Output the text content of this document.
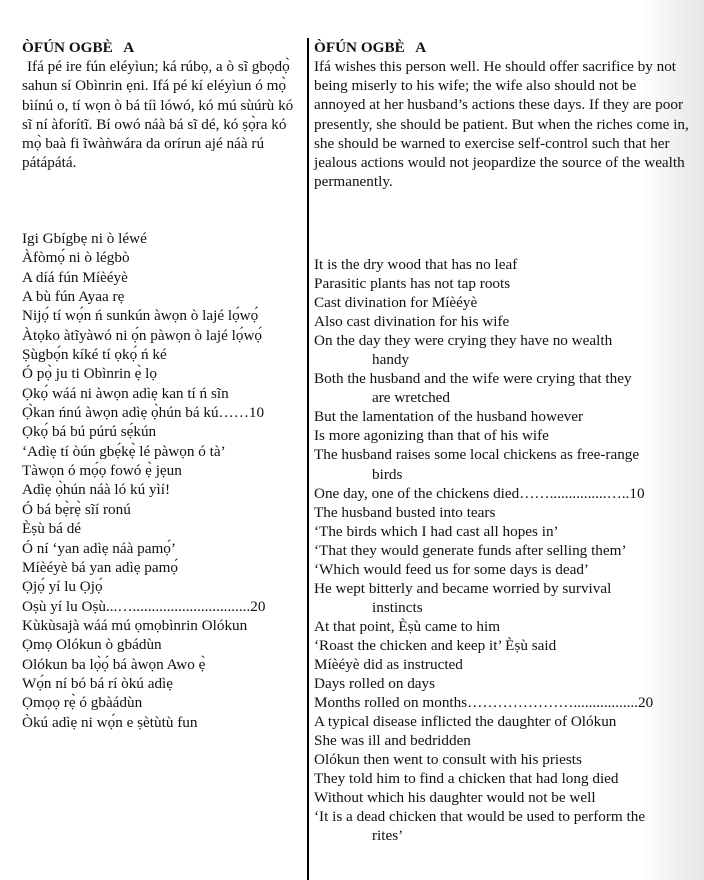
ÒFÚN OGBÈ   A

Ifá pé ire fún eléyìun; ká rúbọ, a ò sĩ gbọdọ̀ sahun sí Obìnrin ẹni. Ifá pé kí eléyìun ó mọ̀ bìínú o, tí wọn ò bá tíì lówó, kó mú sùúrù kó sĩ ní àforítĩ. Bí owó náà bá sĩ dé, kó ṣọ̀ra kó mọ̀ baà fi ĩwàǹwára da orírun ajé náà rú pátápátá.

Igi Gbígbẹ ni ò léwé
Àfòmọ́ ni ò légbò
A díá fún Míèéyè
A bù fún Ayaa rẹ
Nijọ́ tí wọ́n ń sunkún àwọn ò lajé lọ́wọ́
Àtọko àtĩyàwó ni ọ́n pàwọn ò lajé lọ́wọ́
Ṣùgbọ́n kíké tí ọkọ́ ń ké
Ó pọ̀ ju ti Obìnrin ẹ̀ lọ
Ọkọ́ wáá ni àwọn adìẹ kan tí ń sĩn
Ọ̀kan ńnú àwọn adìẹ ọ̀hún bá kú……10
Ọkọ́ bá bú púrú sẹ́kún
‘Adìẹ tí òún gbẹ́kẹ̀ lé pàwọn ó tà’
Tàwọn ó mọ́ọ fowó ẹ̀ jẹun
Adìẹ ọ̀hún náà ló kú yìí!
Ó bá bẹ̀rẹ̀ sĩí ronú
Èṣù bá dé
Ó ní ‘yan adìẹ náà pamọ́’
Míèéyè bá yan adìẹ pamọ́
Ọjọ́ yí lu Ọjọ́
Oṣù yí lu Oṣù...…...............................20
Kùkùsajà wáá mú ọmọbìnrin Olókun
Ọmọ Olókun ò gbádùn
Olókun ba lọ̀ọ́ bá àwọn Awo ẹ̀
Wọ́n ní bó bá rí òkú adìẹ
Ọmọọ rẹ̀ ó gbàádùn
Òkú adìẹ ni wọ́n e ṣètùtù fun
ÒFÚN OGBÈ   A

Ifá wishes this person well. He should offer sacrifice by not being miserly to his wife; the wife also should not be annoyed at her husband’s actions these days. If they are poor presently, she should be patient. But when the riches come in, she should be warned to exercise self-control such that her jealous actions would not jeopardize the source of the wealth permanently.

It is the dry wood that has no leaf
Parasitic plants has not tap roots
Cast divination for Míèéyè
Also cast divination for his wife
On the day they were crying they have no wealth
handy
Both the husband and the wife were crying that they
are wretched
But the lamentation of the husband however
Is more agonizing than that of his wife
The husband raises some local chickens as free-range
birds
One day, one of the chickens died……...............…..10
The husband busted into tears
‘The birds which I had cast all hopes in’
‘That they would generate funds after selling them’
‘Which would feed us for some days is dead’
He wept bitterly and became worried by survival
instincts
At that point, Èṣù came to him
‘Roast the chicken and keep it’ Èṣù said
Míèéyè did as instructed
Days rolled on days
Months rolled on months………………….................20
A typical disease inflicted the daughter of Olókun
She was ill and bedridden
Olókun then went to consult with his priests
They told him to find a chicken that had long died
Without which his daughter would not be well
‘It is a dead chicken that would be used to perform the
rites’
